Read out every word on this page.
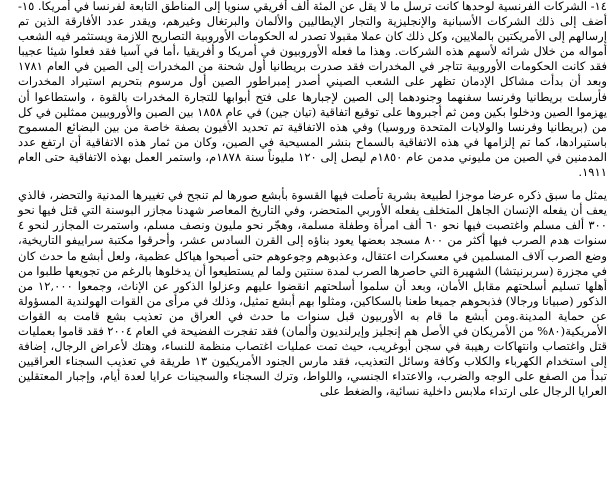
١٤- الشركات الفرنسية لوحدها كانت ترسل ما لا يقل عن المئة ألف أفريقي سنويا إلى المناطق التابعة لفرنسا في أمريكا. ١٥- أضف إلى ذلك الشركات الأسبانية والإنجليزية والتجار الإيطاليين والألمان والبرتغال وغيرهم، ويقدر عدد الأفارقة الذين تم إرسالهم إلى الأمريكتين بالملايين، وكل ذلك كان عملا مقبولا تصدر له الحكومات الأوروبية التصاريح اللازمة ويستثمر فيه الشعب أمواله من خلال شرائه لأسهم هذه الشركات. وهذا ما فعله الأوروبيون في أمريكا و أفريقيا ،أما في آسيا فقد فعلوا شيئا عجيبا فقد كانت الحكومات الأوروبية تتاجر في المخدرات فقد صدرت بريطانيا أول شحنة من المخدرات إلى الصين في العام ١٧٨١ وبعد أن بدأت مشاكل الإدمان تظهر على الشعب الصيني أصدر إمبراطور الصين أول مرسوم بتحريم استيراد المخدرات فأرسلت بريطانيا وفرنسا سفنهما وجنودهما إلى الصين لإجبارها على فتح أبوابها للتجارة المخدرات بالقوة ، واستطاعوا أن يهزموا الصين ودخلوا بكين ومن ثم أجبروها على توقيع اتفاقية (تيان جين) في عام ١٨٥٨ بين الصين والأوروبيين ممثلين في كل من (بريطانيا وفرنسا والولايات المتحدة وروسيا) وفي هذه الاتفاقية تم تحديد الأفيون بصفة خاصة من بين البضائع المسموح باستيرادها، كما تم إلزامها في هذه الاتفاقية بالسماح بنشر المسيحية في الصين، وكان من ثمار هذه الاتفاقية أن ارتفع عدد المدمنين في الصين من مليوني مدمن عام ١٨٥٠م ليصل إلى ١٢٠ مليوناً سنة ١٨٧٨م، واستمر العمل بهذه الاتفاقية حتى العام ١٩١١.

يمثل ما سبق ذكره عرضا موجزا لطبيعة بشرية تأصلت فيها القسوة بأبشع صورها لم تنجح في تغييرها المدنية والتحضر، فالذي يعف أن يفعله الإنسان الجاهل المتخلف يفعله الأوربي المتحضر، وفي التاريخ المعاصر شهدنا مجازر البوسنة التي قتل فيها نحو ٣٠٠ ألف مسلم واغتصبت فيها نحو ٦٠ ألف امرأة وطفلة مسلمة، وهجّر نحو مليون ونصف مسلم، واستمرت المجازر لنحو ٤ سنوات هدم الصرب فيها أكثر من ٨٠٠ مسجد بعضها يعود بناؤه إلى القرن السادس عشر، وأحرقوا مكتبة سراييفو التاريخية، وضع الصرب آلاف المسلمين في معسكرات اعتقال، وعذبوهم وجوعوهم حتى أصبحوا هياكل عظمية، ولعل أبشع ما حدث كان في مجزرة (سربرنيتشا) الشهيرة التي حاصرها الصرب لمدة سنتين ولما لم يستطيعوا أن يدخلوها بالرغم من تجويعها طلبوا من أهلها تسليم أسلحتهم مقابل الأمان، وبعد أن سلموا أسلحتهم انقضوا عليهم وعزلوا الذكور عن الإناث، وجمعوا ١٢,٠٠٠ من الذكور (صبيانا ورجالا) فذبحوهم جميعا طعنا بالسكاكين، ومثلوا بهم أبشع تمثيل، وذلك في مرأى من القوات الهولندية المسؤولة عن حماية المدينة.ومن أبشع ما قام به الأوربيون قبل سنوات ما حدث في العراق من تعذيب بشع قامت به القوات الأمريكية(٨٠% من الأمريكان في الأصل هم إنجليز وإيرلنديون وألمان) فقد تفجرت الفضيحة في العام ٢٠٠٤ فقد قاموا بعمليات قتل واغتصاب وانتهاكات رهيبة في سجن أبوغريب، حيث تمت عمليات اغتصاب منظمة للنساء، وهتك لأعراض الرجال، إضافة إلى استخدام الكهرباء والكلاب وكافة وسائل التعذيب، فقد مارس الجنود الأمريكيون ١٣ طريقة في تعذيب السجناء العراقيين تبدأ من الصفع على الوجه والضرب، والاعتداء الجنسي، واللواط، وترك السجناء والسجينات عرايا لعدة أيام، وإجبار المعتقلين العرايا الرجال على ارتداء ملابس داخلية نسائية، والضغط على
